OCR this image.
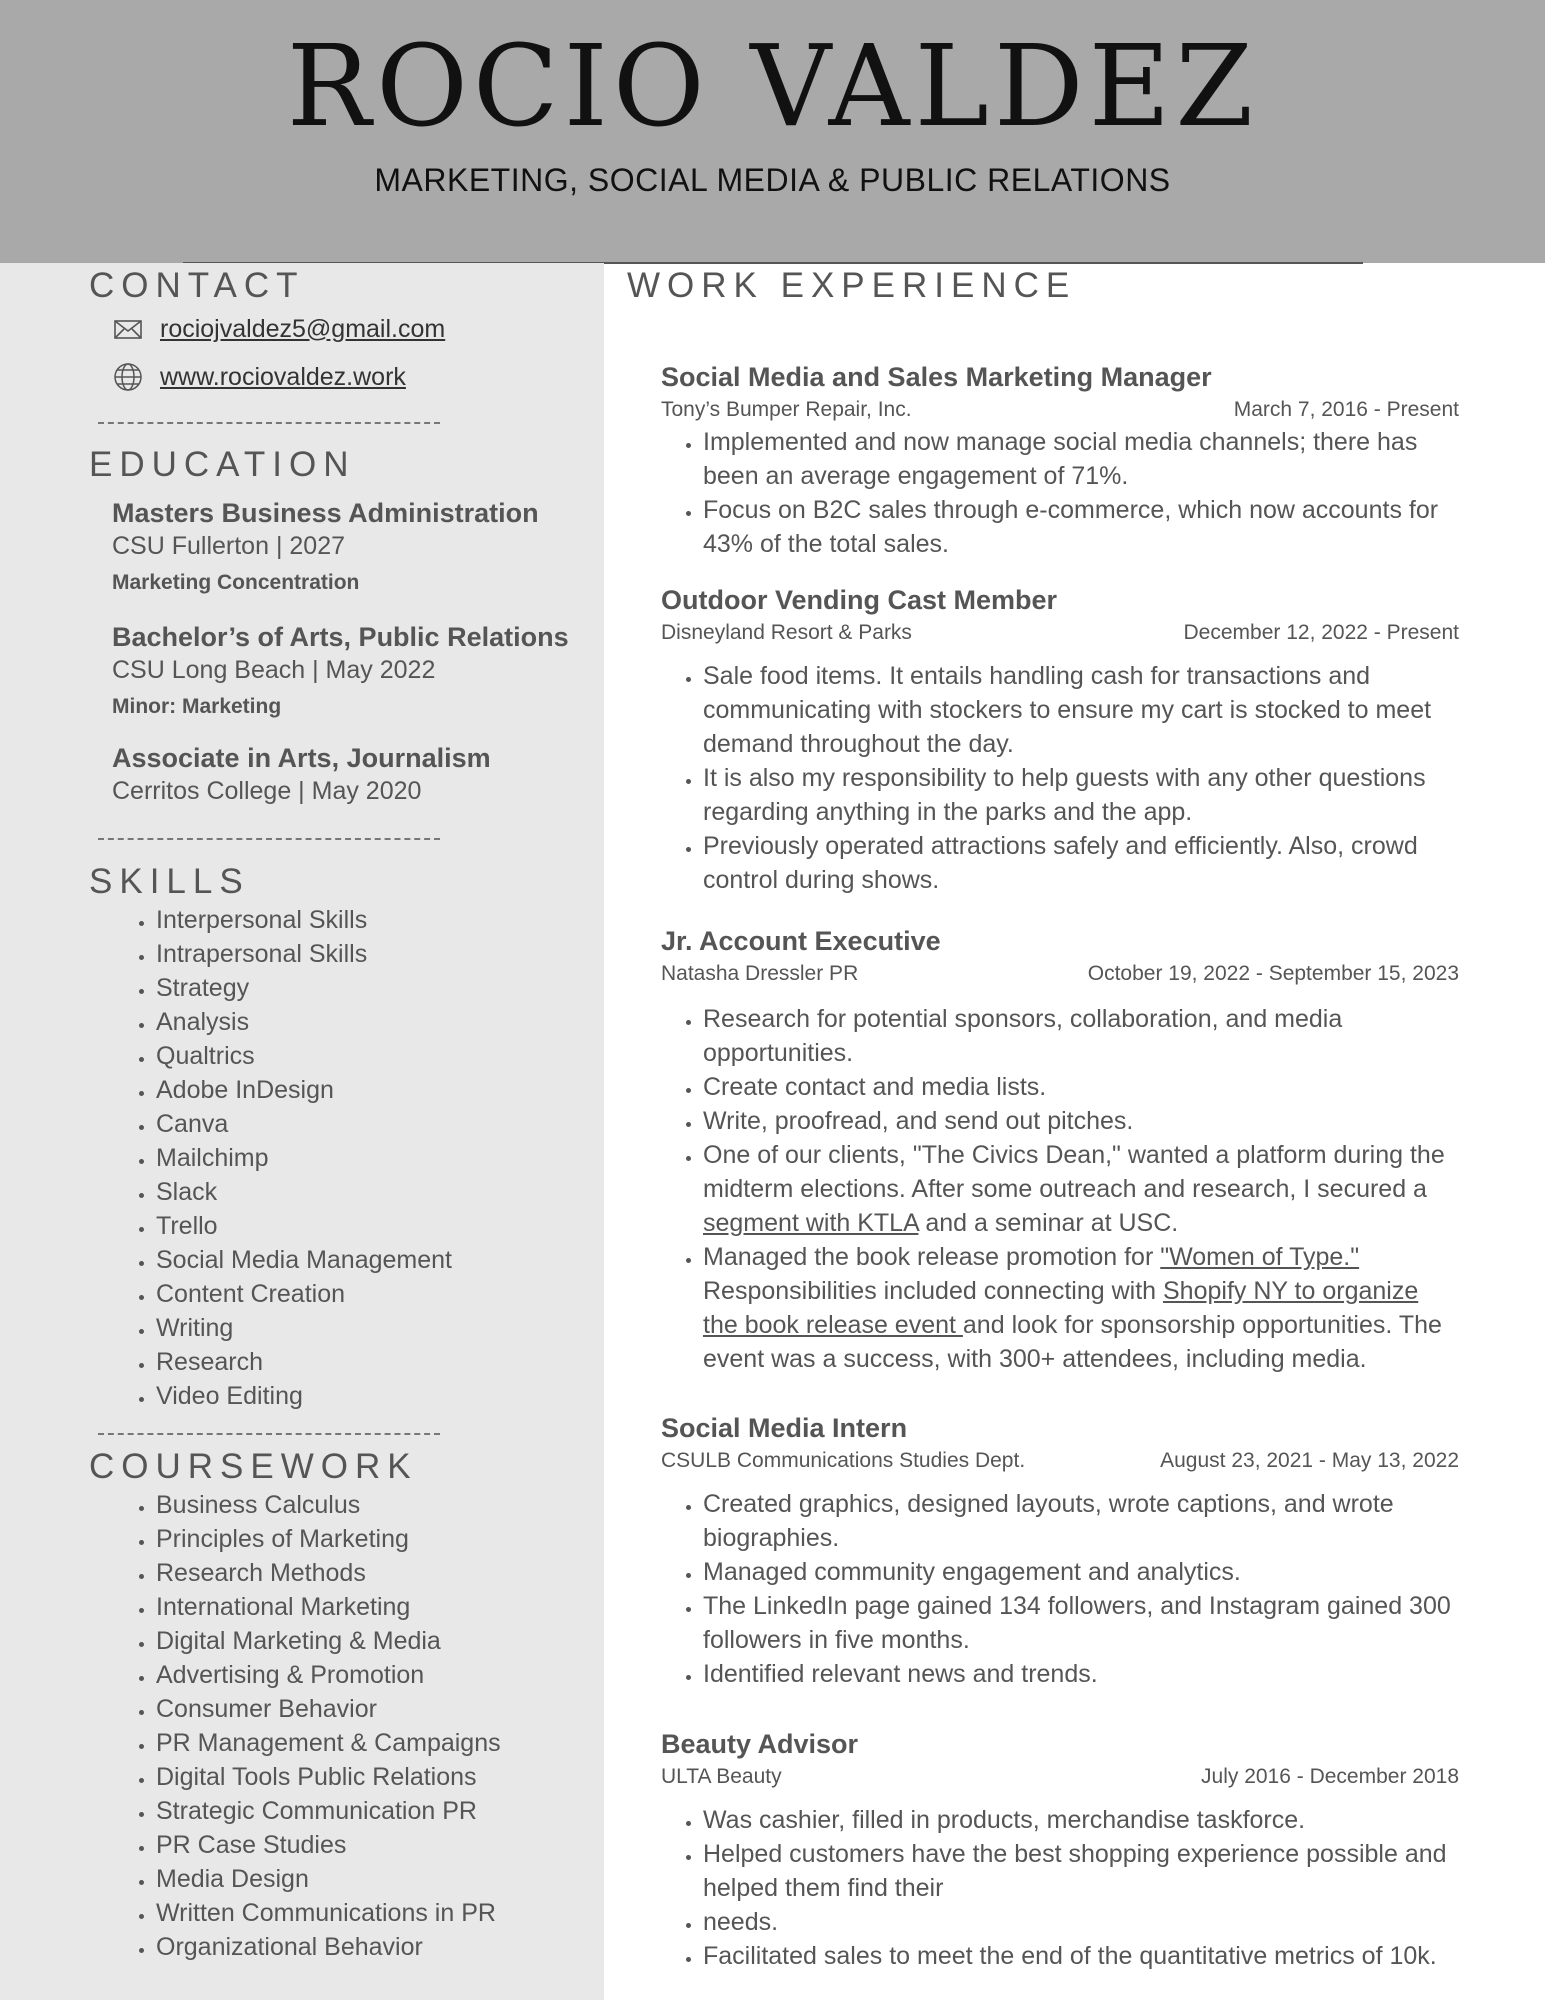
ROCIO VALDEZ
MARKETING, SOCIAL MEDIA & PUBLIC RELATIONS
CONTACT
rociojvaldez5@gmail.com
www.rociovaldez.work
EDUCATION
Masters Business Administration
CSU Fullerton | 2027
Marketing Concentration
Bachelor’s of Arts, Public Relations
CSU Long Beach | May 2022
Minor: Marketing
Associate in Arts, Journalism
Cerritos College | May 2020
SKILLS
• Interpersonal Skills
• Intrapersonal Skills
• Strategy
• Analysis
• Qualtrics
• Adobe InDesign
• Canva
• Mailchimp
• Slack
• Trello
• Social Media Management
• Content Creation
• Writing
• Research
• Video Editing
COURSEWORK
• Business Calculus
• Principles of Marketing
• Research Methods
• International Marketing
• Digital Marketing & Media
• Advertising & Promotion
• Consumer Behavior
• PR Management & Campaigns
• Digital Tools Public Relations
• Strategic Communication PR
• PR Case Studies
• Media Design
• Written Communications in PR
• Organizational Behavior
WORK EXPERIENCE
Social Media and Sales Marketing Manager
Tony’s Bumper Repair, Inc.	March 7, 2016 - Present
• Implemented and now manage social media channels; there has been an average engagement of 71%.
• Focus on B2C sales through e-commerce, which now accounts for 43% of the total sales.
Outdoor Vending Cast Member
Disneyland Resort & Parks	December 12, 2022 - Present
• Sale food items. It entails handling cash for transactions and communicating with stockers to ensure my cart is stocked to meet demand throughout the day.
• It is also my responsibility to help guests with any other questions regarding anything in the parks and the app.
• Previously operated attractions safely and efficiently. Also, crowd control during shows.
Jr. Account Executive
Natasha Dressler PR	October 19, 2022 - September 15, 2023
• Research for potential sponsors, collaboration, and media opportunities.
• Create contact and media lists.
• Write, proofread, and send out pitches.
• One of our clients, "The Civics Dean," wanted a platform during the midterm elections. After some outreach and research, I secured a segment with KTLA and a seminar at USC.
• Managed the book release promotion for "Women of Type." Responsibilities included connecting with Shopify NY to organize the book release event and look for sponsorship opportunities. The event was a success, with 300+ attendees, including media.
Social Media Intern
CSULB Communications Studies Dept.	August 23, 2021 - May 13, 2022
• Created graphics, designed layouts, wrote captions, and wrote biographies.
• Managed community engagement and analytics.
• The LinkedIn page gained 134 followers, and Instagram gained 300 followers in five months.
• Identified relevant news and trends.
Beauty Advisor
ULTA Beauty	July 2016 - December 2018
• Was cashier, filled in products, merchandise taskforce.
• Helped customers have the best shopping experience possible and helped them find their
• needs.
• Facilitated sales to meet the end of the quantitative metrics of 10k.
